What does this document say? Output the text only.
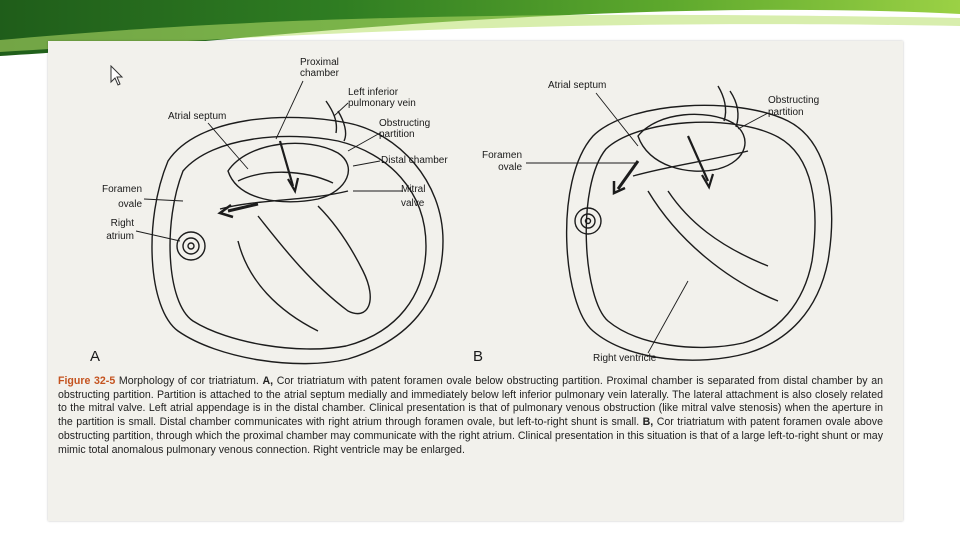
Proximal
chamber
Left inferior
pulmonary vein
Obstructing
partition
Distal chamber
Atrial septum
Foramen
ovale
Right
atrium
Mitral
valve
A
Atrial septum
Obstructing
partition
Foramen
ovale
Right ventricle
B
Figure 32-5 Morphology of cor triatriatum. A, Cor triatriatum with patent foramen ovale below obstructing partition. Proximal chamber is separated from distal chamber by an obstructing partition. Partition is attached to the atrial septum medially and immediately below left inferior pulmonary vein laterally. The lateral attachment is also closely related to the mitral valve. Left atrial appendage is in the distal chamber. Clinical presentation is that of pulmonary venous obstruction (like mitral valve stenosis) when the aperture in the partition is small. Distal chamber communicates with right atrium through foramen ovale, but left-to-right shunt is small. B, Cor triatriatum with patent foramen ovale above obstructing partition, through which the proximal chamber may communicate with the right atrium. Clinical presentation in this situation is that of a large left-to-right shunt or may mimic total anomalous pulmonary venous connection. Right ventricle may be enlarged.
